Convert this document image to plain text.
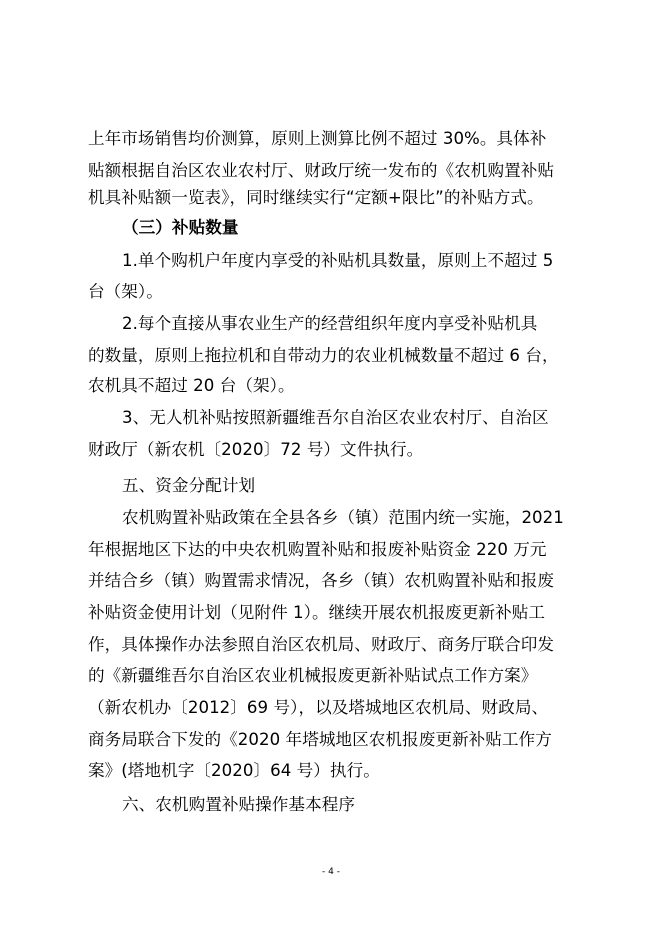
上年市场销售均价测算，原则上测算比例不超过 30%。具体补
贴额根据自治区农业农村厅、财政厅统一发布的《农机购置补贴
机具补贴额一览表》，同时继续实行“定额+限比”的补贴方式。
（三）补贴数量
1.单个购机户年度内享受的补贴机具数量，原则上不超过 5
台（架）。
2.每个直接从事农业生产的经营组织年度内享受补贴机具
的数量，原则上拖拉机和自带动力的农业机械数量不超过 6 台，
农机具不超过 20 台（架）。
3、无人机补贴按照新疆维吾尔自治区农业农村厅、自治区
财政厅（新农机〔2020〕72 号）文件执行。
五、资金分配计划
农机购置补贴政策在全县各乡（镇）范围内统一实施，2021
年根据地区下达的中央农机购置补贴和报废补贴资金 220 万元
并结合乡（镇）购置需求情况，各乡（镇）农机购置补贴和报废
补贴资金使用计划（见附件 1）。继续开展农机报废更新补贴工
作，具体操作办法参照自治区农机局、财政厅、商务厅联合印发
的《新疆维吾尔自治区农业机械报废更新补贴试点工作方案》
（新农机办〔2012〕69 号），以及塔城地区农机局、财政局、
商务局联合下发的《2020 年塔城地区农机报废更新补贴工作方
案》(塔地机字〔2020〕64 号）执行。
六、农机购置补贴操作基本程序
- 4 -
